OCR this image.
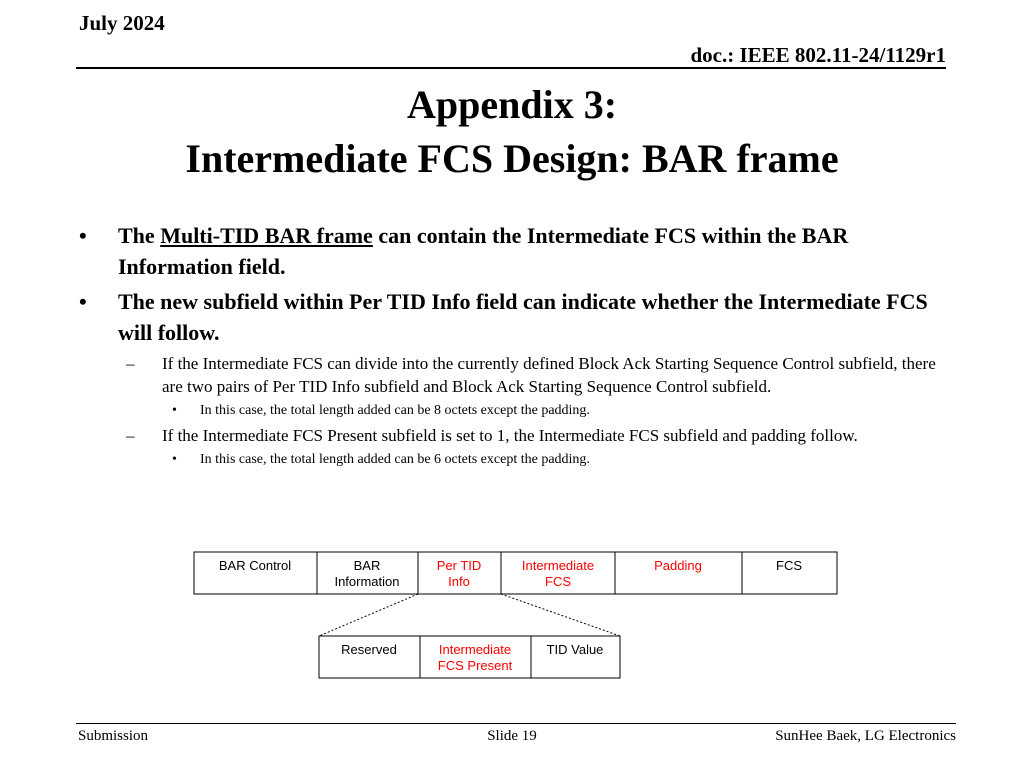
July 2024
doc.: IEEE 802.11-24/1129r1
Appendix 3:
Intermediate FCS Design: BAR frame
• The Multi-TID BAR frame can contain the Intermediate FCS within the BAR Information field.
• The new subfield within Per TID Info field can indicate whether the Intermediate FCS will follow.
– If the Intermediate FCS can divide into the currently defined Block Ack Starting Sequence Control subfield, there are two pairs of Per TID Info subfield and Block Ack Starting Sequence Control subfield.
• In this case, the total length added can be 8 octets except the padding.
– If the Intermediate FCS Present subfield is set to 1, the Intermediate FCS subfield and padding follow.
• In this case, the total length added can be 6 octets except the padding.
BAR Control	BAR
Information
Per TID
Info
Intermediate
FCS
Padding	FCS
Reserved	Intermediate
FCS Present
TID Value
Submission	Slide 19	SunHee Baek, LG Electronics
